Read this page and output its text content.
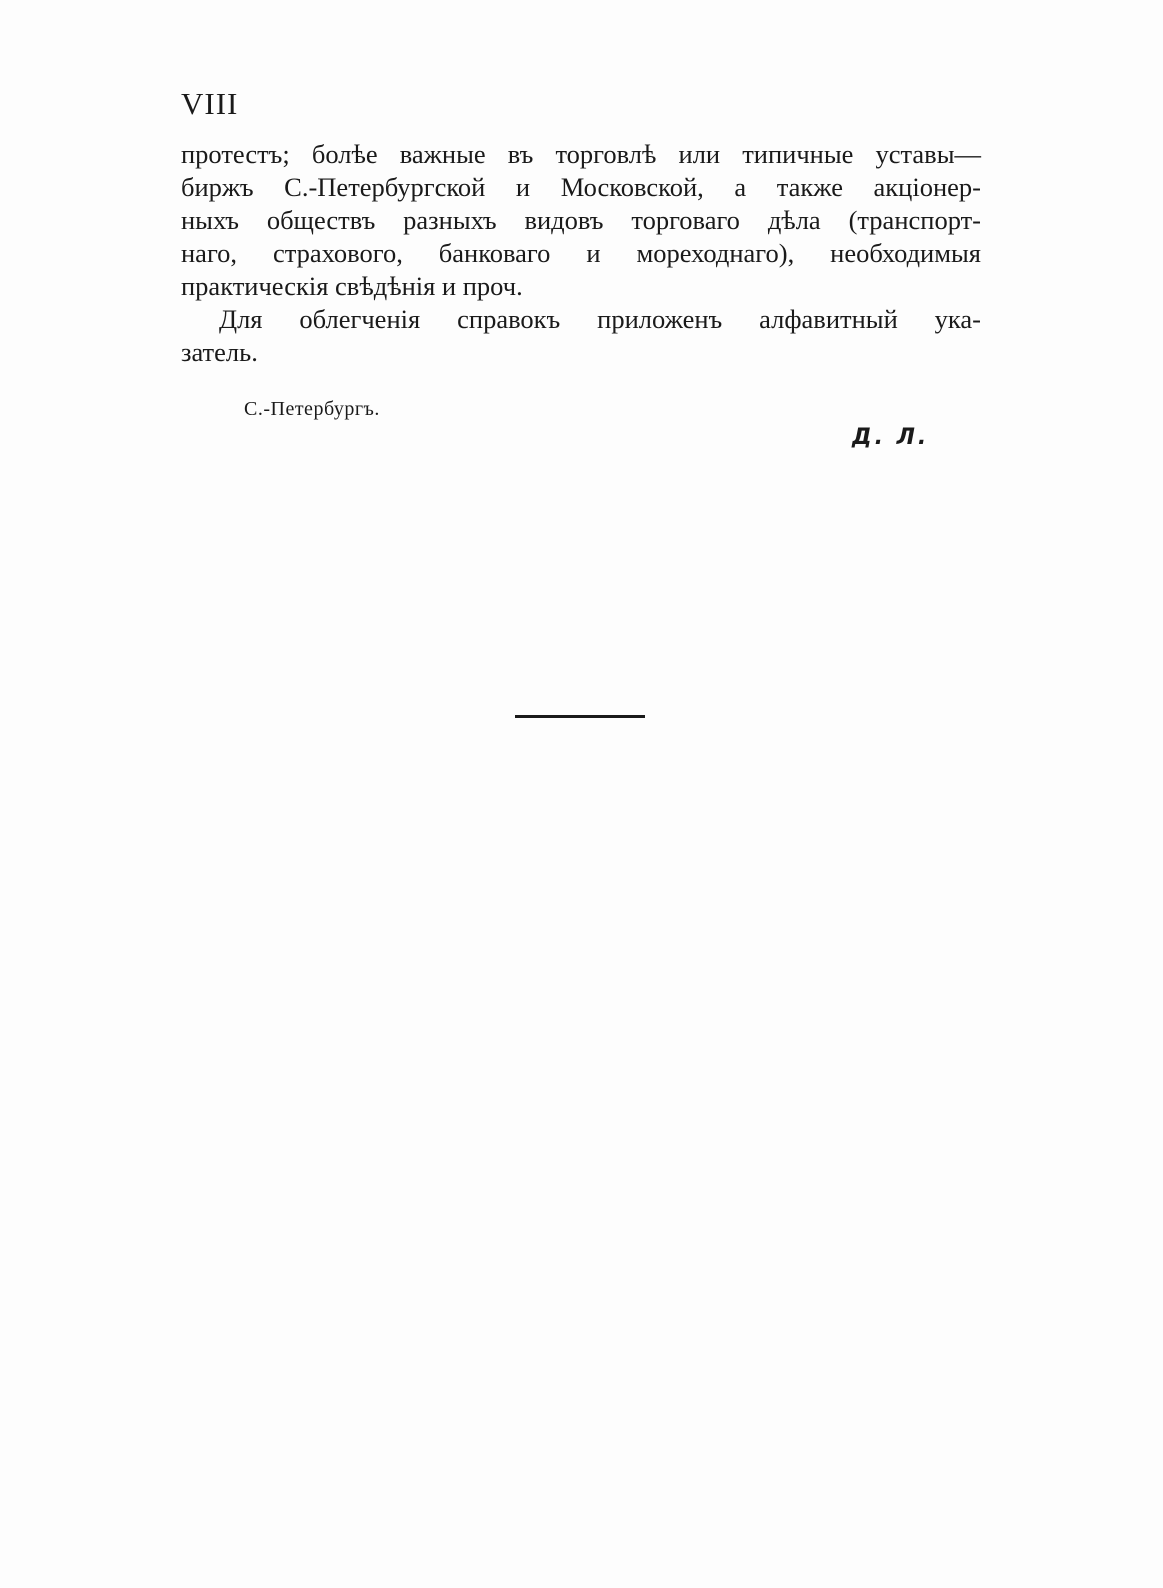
VIII
протестъ; болѣе важные въ торговлѣ или типичные уставы—
биржъ С.-Петербургской и Московской, а также акціонер-
ныхъ обществъ разныхъ видовъ торговаго дѣла (транспорт-
наго, страхового, банковаго и мореходнаго), необходимыя
практическія свѣдѣнія и проч.
Для облегченія справокъ приложенъ алфавитный ука-
затель.
С.-Петербургъ.
Д. Л.
